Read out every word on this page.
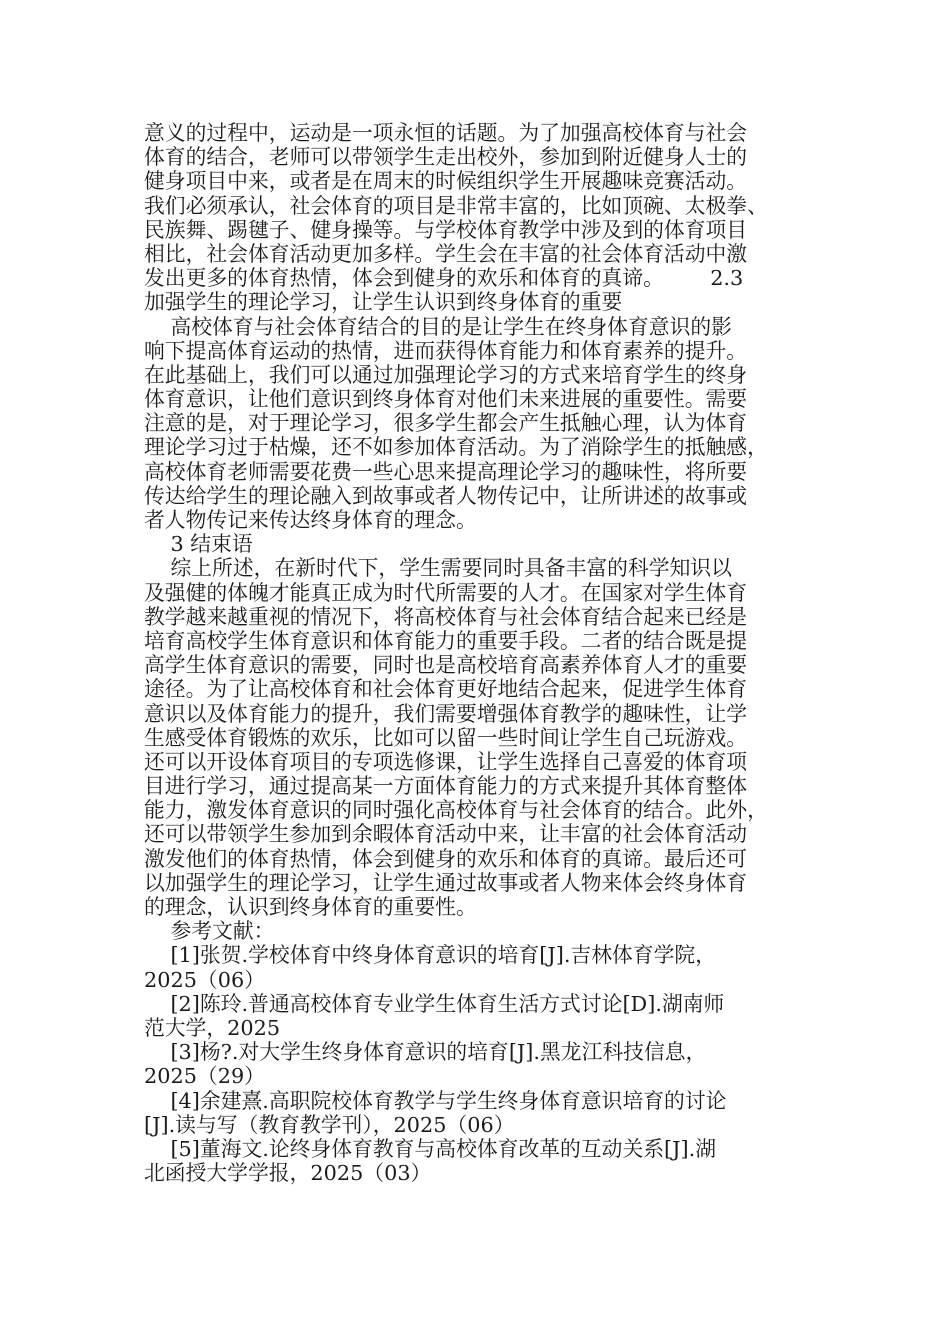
意义的过程中，运动是一项永恒的话题。为了加强高校体育与社会
体育的结合，老师可以带领学生走出校外，参加到附近健身人士的
健身项目中来，或者是在周末的时候组织学生开展趣味竞赛活动。
我们必须承认，社会体育的项目是非常丰富的，比如顶碗、太极拳、
民族舞、踢毽子、健身操等。与学校体育教学中涉及到的体育项目
相比，社会体育活动更加多样。学生会在丰富的社会体育活动中激
发出更多的体育热情，体会到健身的欢乐和体育的真谛。       2.3
加强学生的理论学习，让学生认识到终身体育的重要
高校体育与社会体育结合的目的是让学生在终身体育意识的影
响下提高体育运动的热情，进而获得体育能力和体育素养的提升。
在此基础上，我们可以通过加强理论学习的方式来培育学生的终身
体育意识，让他们意识到终身体育对他们未来进展的重要性。需要
注意的是，对于理论学习，很多学生都会产生抵触心理，认为体育
理论学习过于枯燥，还不如参加体育活动。为了消除学生的抵触感，
高校体育老师需要花费一些心思来提高理论学习的趣味性，将所要
传达给学生的理论融入到故事或者人物传记中，让所讲述的故事或
者人物传记来传达终身体育的理念。
3 结束语
综上所述，在新时代下，学生需要同时具备丰富的科学知识以
及强健的体魄才能真正成为时代所需要的人才。在国家对学生体育
教学越来越重视的情况下，将高校体育与社会体育结合起来已经是
培育高校学生体育意识和体育能力的重要手段。二者的结合既是提
高学生体育意识的需要，同时也是高校培育高素养体育人才的重要
途径。为了让高校体育和社会体育更好地结合起来，促进学生体育
意识以及体育能力的提升，我们需要增强体育教学的趣味性，让学
生感受体育锻炼的欢乐，比如可以留一些时间让学生自己玩游戏。
还可以开设体育项目的专项选修课，让学生选择自己喜爱的体育项
目进行学习，通过提高某一方面体育能力的方式来提升其体育整体
能力，激发体育意识的同时强化高校体育与社会体育的结合。此外，
还可以带领学生参加到余暇体育活动中来，让丰富的社会体育活动
激发他们的体育热情，体会到健身的欢乐和体育的真谛。最后还可
以加强学生的理论学习，让学生通过故事或者人物来体会终身体育
的理念，认识到终身体育的重要性。
参考文献：
[1]张贺.学校体育中终身体育意识的培育[J].吉林体育学院，
2025（06）
[2]陈玲.普通高校体育专业学生体育生活方式讨论[D].湖南师
范大学，2025
[3]杨?.对大学生终身体育意识的培育[J].黑龙江科技信息，
2025（29）
[4]余建熹.高职院校体育教学与学生终身体育意识培育的讨论
[J].读与写（教育教学刊），2025（06）
[5]董海文.论终身体育教育与高校体育改革的互动关系[J].湖
北函授大学学报，2025（03）
